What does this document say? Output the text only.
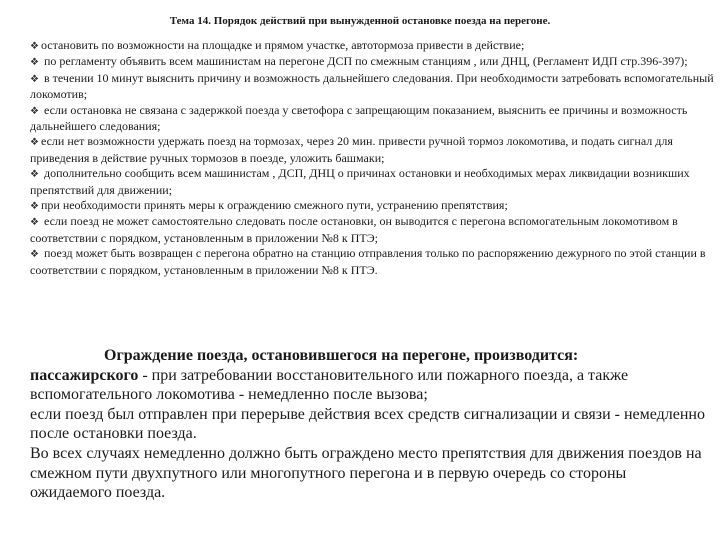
Тема 14. Порядок действий при вынужденной остановке поезда на перегоне.

❖ остановить по возможности на площадке и прямом участке, автотормоза привести в действие;

❖ по регламенту объявить всем машинистам на перегоне ДСП по смежным станциям , или ДНЦ, (Регламент ИДП стр.396-397);

❖ в течении 10 минут выяснить причину и возможность дальнейшего следования. При необходимости затребовать вспомогательный локомотив;

❖ если остановка не связана с задержкой поезда у светофора с запрещающим показанием, выяснить ее причины и возможность дальнейшего следования;

❖ если нет возможности удержать поезд на тормозах, через 20 мин. привести ручной тормоз локомотива, и подать сигнал для приведения в действие ручных тормозов в поезде, уложить башмаки;

❖ дополнительно сообщить всем машинистам , ДСП, ДНЦ о причинах остановки и необходимых мерах ликвидации возникших препятствий для движении;

❖ при необходимости принять меры к ограждению смежного пути, устранению препятствия;

❖ если поезд не может самостоятельно следовать после остановки, он выводится с перегона вспомогательным локомотивом в соответствии с порядком, установленным в приложении №8 к ПТЭ;

❖ поезд может быть возвращен с перегона обратно на станцию отправления только по распоряжению дежурного по этой станции в соответствии с порядком, установленным в приложении №8 к ПТЭ.

Ограждение поезда, остановившегося на перегоне, производится:

пассажирского - при затребовании восстановительного или пожарного поезда, а также вспомогательного локомотива - немедленно после вызова;

если поезд был отправлен при перерыве действия всех средств сигнализации и связи - немедленно после остановки поезда.

Во всех случаях немедленно должно быть ограждено место препятствия для движения поездов на смежном пути двухпутного или многопутного перегона и в первую очередь со стороны ожидаемого поезда.
